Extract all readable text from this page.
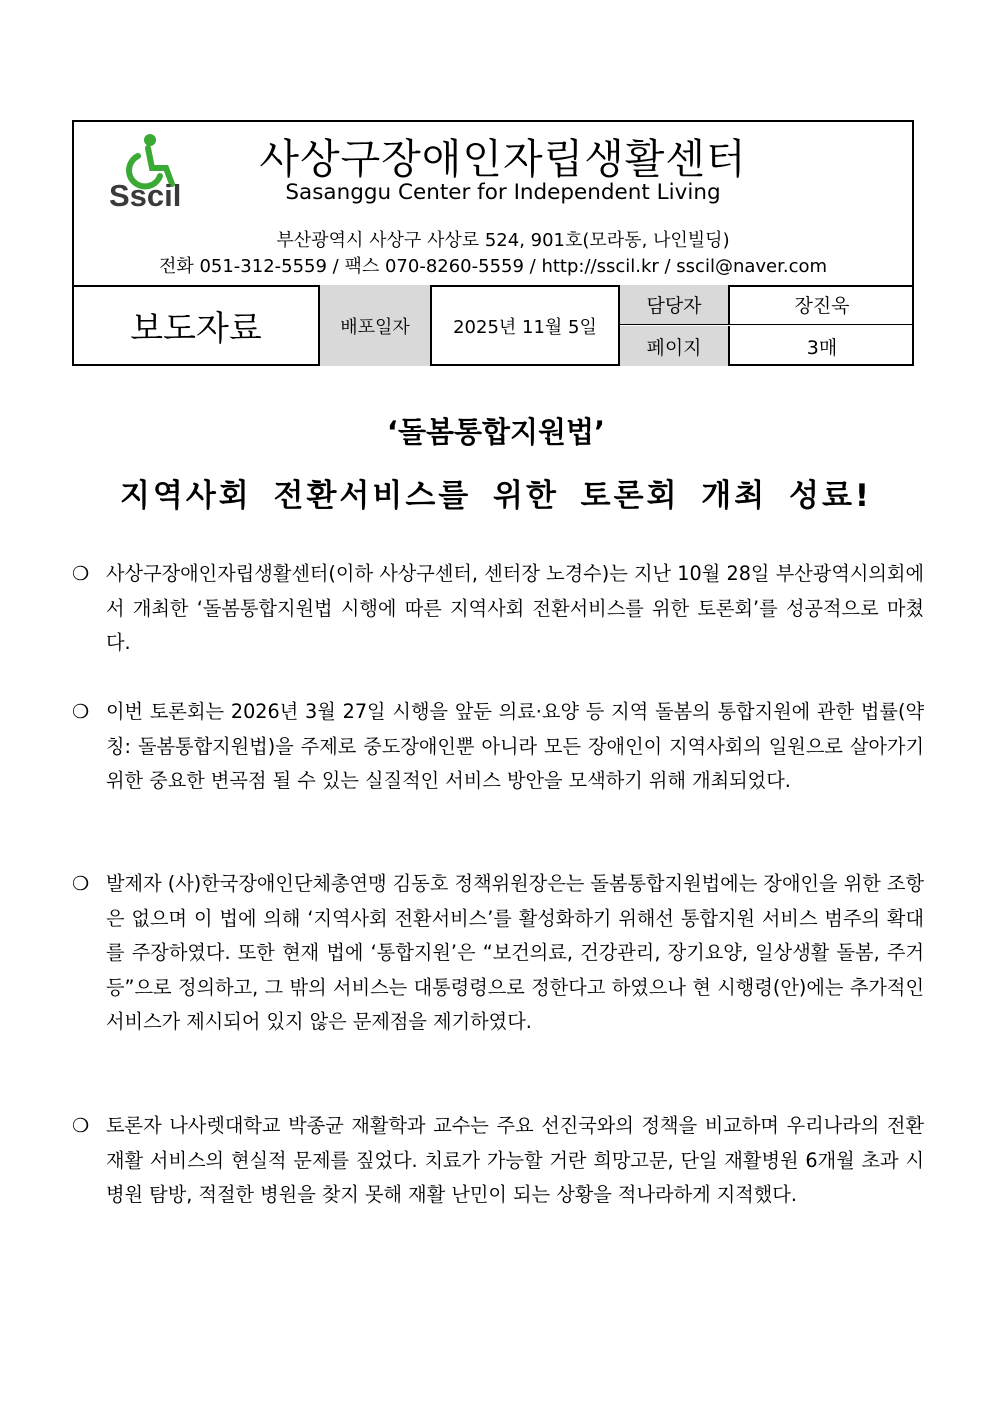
Sscil
사상구장애인자립생활센터
Sasanggu Center for Independent Living
부산광역시 사상구 사상로 524, 901호(모라동, 나인빌딩)
전화 051-312-5559 / 팩스 070-8260-5559 / http://sscil.kr / sscil@naver.com
보도자료	배포일자	2025년 11월 5일
담당자	장진욱
페이지	3매
‘돌봄통합지원법’
지역사회 전환서비스를 위한 토론회 개최 성료!
❍ 사상구장애인자립생활센터(이하 사상구센터, 센터장 노경수)는 지난 10월 28일 부산광역시의회에서 개최한 ‘돌봄통합지원법 시행에 따른 지역사회 전환서비스를 위한 토론회’를 성공적으로 마쳤다.
❍ 이번 토론회는 2026년 3월 27일 시행을 앞둔 의료·요양 등 지역 돌봄의 통합지원에 관한 법률(약칭: 돌봄통합지원법)을 주제로 중도장애인뿐 아니라 모든 장애인이 지역사회의 일원으로 살아가기 위한 중요한 변곡점 될 수 있는 실질적인 서비스 방안을 모색하기 위해 개최되었다.
❍ 발제자 (사)한국장애인단체총연맹 김동호 정책위원장은는 돌봄통합지원법에는 장애인을 위한 조항은 없으며 이 법에 의해 ‘지역사회 전환서비스’를 활성화하기 위해선 통합지원 서비스 범주의 확대를 주장하였다. 또한 현재 법에 ‘통합지원’은 “보건의료, 건강관리, 장기요양, 일상생활 돌봄, 주거 등”으로 정의하고, 그 밖의 서비스는 대통령령으로 정한다고 하였으나 현 시행령(안)에는 추가적인 서비스가 제시되어 있지 않은 문제점을 제기하였다.
❍ 토론자 나사렛대학교 박종균 재활학과 교수는 주요 선진국와의 정책을 비교하며 우리나라의 전환재활 서비스의 현실적 문제를 짚었다. 치료가 가능할 거란 희망고문, 단일 재활병원 6개월 초과 시 병원 탐방, 적절한 병원을 찾지 못해 재활 난민이 되는 상황을 적나라하게 지적했다.
